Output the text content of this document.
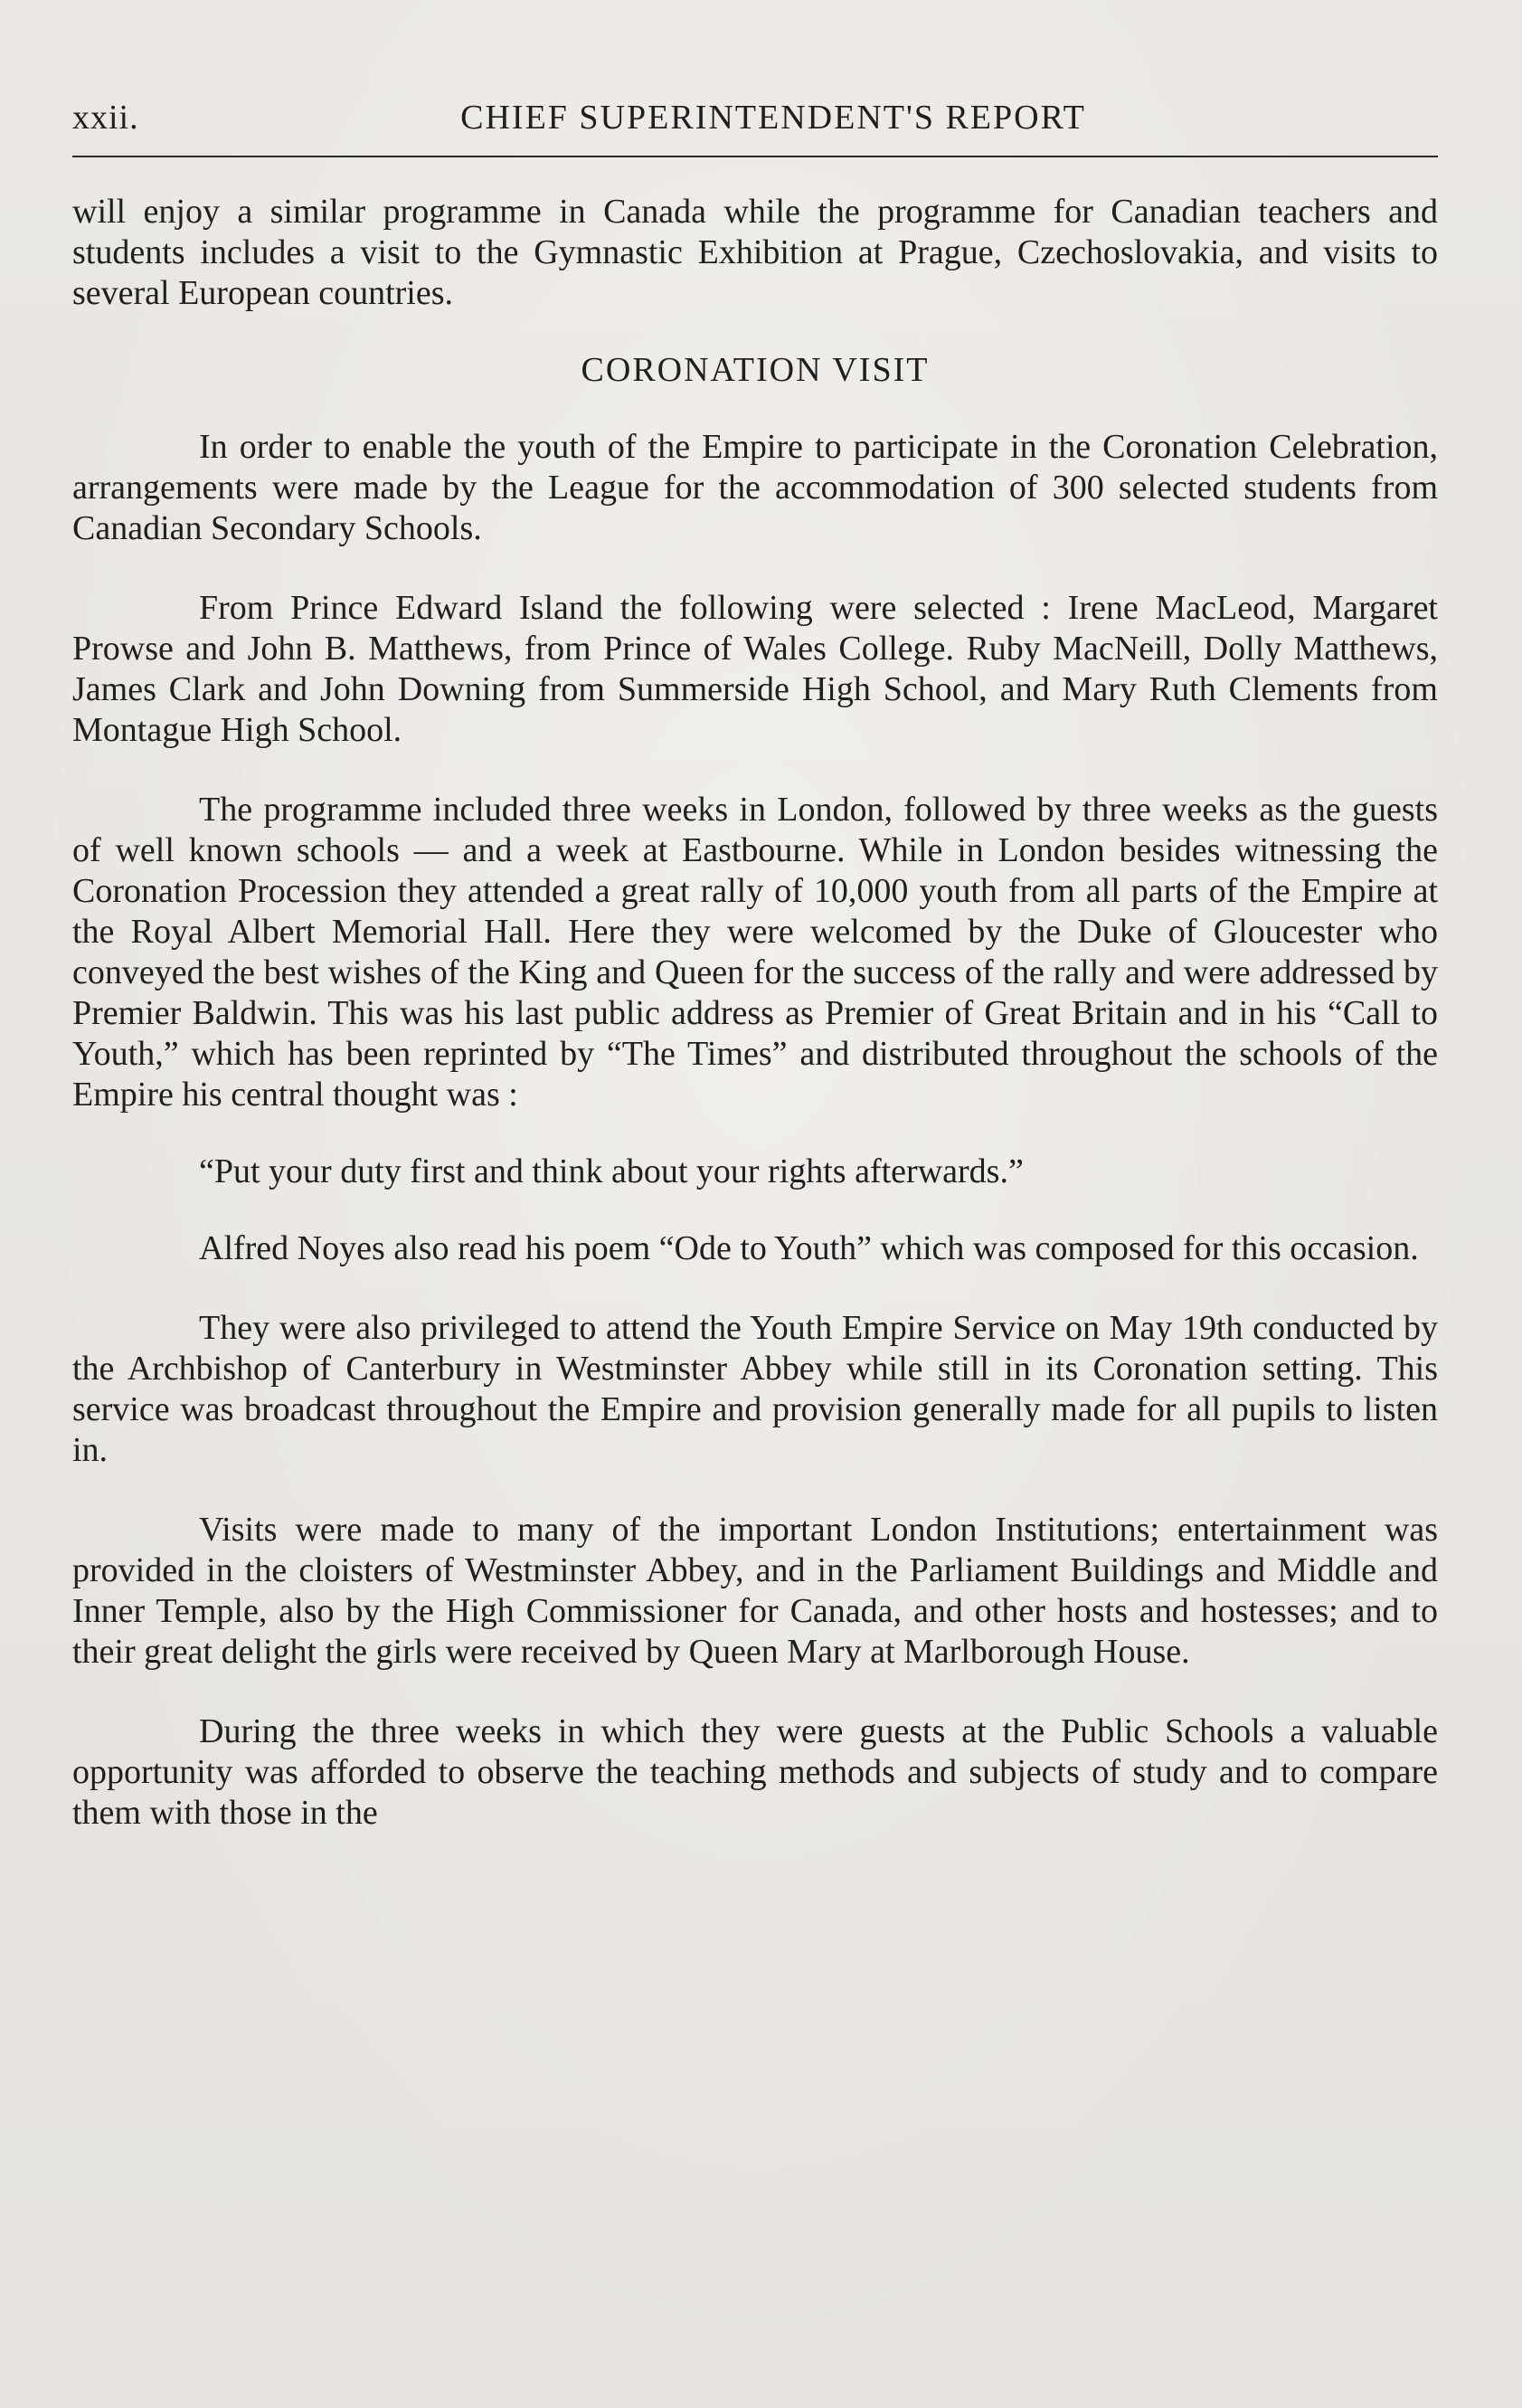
xxii.	CHIEF SUPERINTENDENT'S REPORT

will enjoy a similar programme in Canada while the programme for Canadian teachers and students includes a visit to the Gymnastic Exhibition at Prague, Czechoslovakia, and visits to several European countries.

CORONATION VISIT

In order to enable the youth of the Empire to participate in the Coronation Celebration, arrangements were made by the League for the accommodation of 300 selected students from Canadian Secondary Schools.

From Prince Edward Island the following were selected : Irene MacLeod, Margaret Prowse and John B. Matthews, from Prince of Wales College. Ruby MacNeill, Dolly Matthews, James Clark and John Downing from Summerside High School, and Mary Ruth Clements from Montague High School.

The programme included three weeks in London, followed by three weeks as the guests of well known schools — and a week at Eastbourne. While in London besides witnessing the Coronation Procession they attended a great rally of 10,000 youth from all parts of the Empire at the Royal Albert Memorial Hall. Here they were welcomed by the Duke of Gloucester who conveyed the best wishes of the King and Queen for the success of the rally and were addressed by Premier Baldwin. This was his last public address as Premier of Great Britain and in his “Call to Youth,” which has been reprinted by “The Times” and distributed throughout the schools of the Empire his central thought was :

“Put your duty first and think about your rights afterwards.”

Alfred Noyes also read his poem “Ode to Youth” which was composed for this occasion.

They were also privileged to attend the Youth Empire Service on May 19th conducted by the Archbishop of Canterbury in Westminster Abbey while still in its Coronation setting. This service was broadcast throughout the Empire and provision generally made for all pupils to listen in.

Visits were made to many of the important London Institutions; entertainment was provided in the cloisters of Westminster Abbey, and in the Parliament Buildings and Middle and Inner Temple, also by the High Commissioner for Canada, and other hosts and hostesses; and to their great delight the girls were received by Queen Mary at Marlborough House.

During the three weeks in which they were guests at the Public Schools a valuable opportunity was afforded to observe the teaching methods and subjects of study and to compare them with those in the
